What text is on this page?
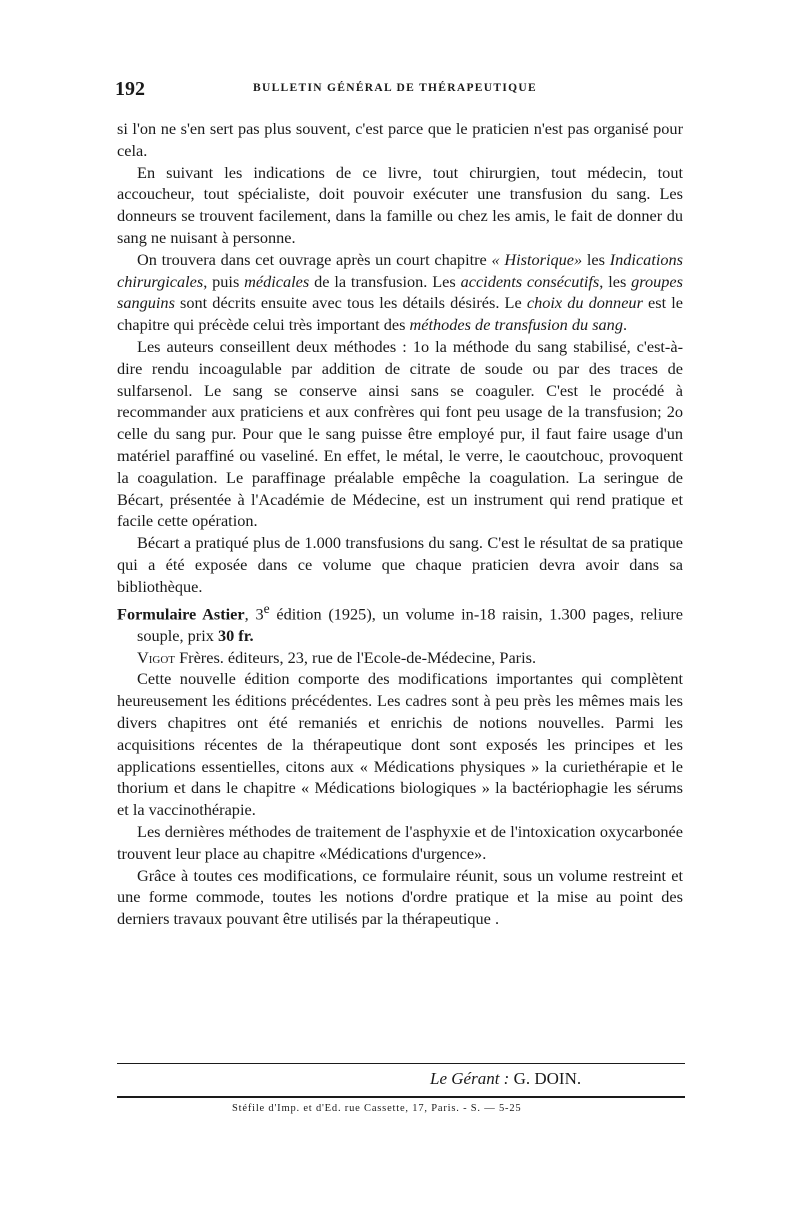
192	BULLETIN GÉNÉRAL DE THÉRAPEUTIQUE

si l'on ne s'en sert pas plus souvent, c'est parce que le praticien n'est pas organisé pour cela.

En suivant les indications de ce livre, tout chirurgien, tout médecin, tout accoucheur, tout spécialiste, doit pouvoir exécuter une transfusion du sang. Les donneurs se trouvent facilement, dans la famille ou chez les amis, le fait de donner du sang ne nuisant à personne.

On trouvera dans cet ouvrage après un court chapitre « Historique» les Indications chirurgicales, puis médicales de la transfusion. Les accidents consécutifs, les groupes sanguins sont décrits ensuite avec tous les détails désirés. Le choix du donneur est le chapitre qui précède celui très important des méthodes de transfusion du sang.

Les auteurs conseillent deux méthodes : 1o la méthode du sang stabilisé, c'est-à-dire rendu incoagulable par addition de citrate de soude ou par des traces de sulfarsenol. Le sang se conserve ainsi sans se coaguler. C'est le procédé à recommander aux praticiens et aux confrères qui font peu usage de la transfusion; 2o celle du sang pur. Pour que le sang puisse être employé pur, il faut faire usage d'un matériel paraffiné ou vaseliné. En effet, le métal, le verre, le caoutchouc, provoquent la coagulation. Le paraffinage préalable empêche la coagulation. La seringue de Bécart, présentée à l'Académie de Médecine, est un instrument qui rend pratique et facile cette opération.

Bécart a pratiqué plus de 1.000 transfusions du sang. C'est le résultat de sa pratique qui a été exposée dans ce volume que chaque praticien devra avoir dans sa bibliothèque.

Formulaire Astier, 3e édition (1925), un volume in-18 raisin, 1.300 pages, reliure souple, prix 30 fr.

Vigot Frères. éditeurs, 23, rue de l'Ecole-de-Médecine, Paris.

Cette nouvelle édition comporte des modifications importantes qui complètent heureusement les éditions précédentes. Les cadres sont à peu près les mêmes mais les divers chapitres ont été remaniés et enrichis de notions nouvelles. Parmi les acquisitions récentes de la thérapeutique dont sont exposés les principes et les applications essentielles, citons aux « Médications physiques » la curiethérapie et le thorium et dans le chapitre « Médications biologiques » la bactériophagie les sérums et la vaccinothérapie.

Les dernières méthodes de traitement de l'asphyxie et de l'intoxication oxycarbonée trouvent leur place au chapitre «Médications d'urgence».

Grâce à toutes ces modifications, ce formulaire réunit, sous un volume restreint et une forme commode, toutes les notions d'ordre pratique et la mise au point des derniers travaux pouvant être utilisés par la thérapeutique .

Le Gérant : G. DOIN.
Stéfile d'Imp. et d'Ed. rue Cassette, 17, Paris. - S. — 5-25
